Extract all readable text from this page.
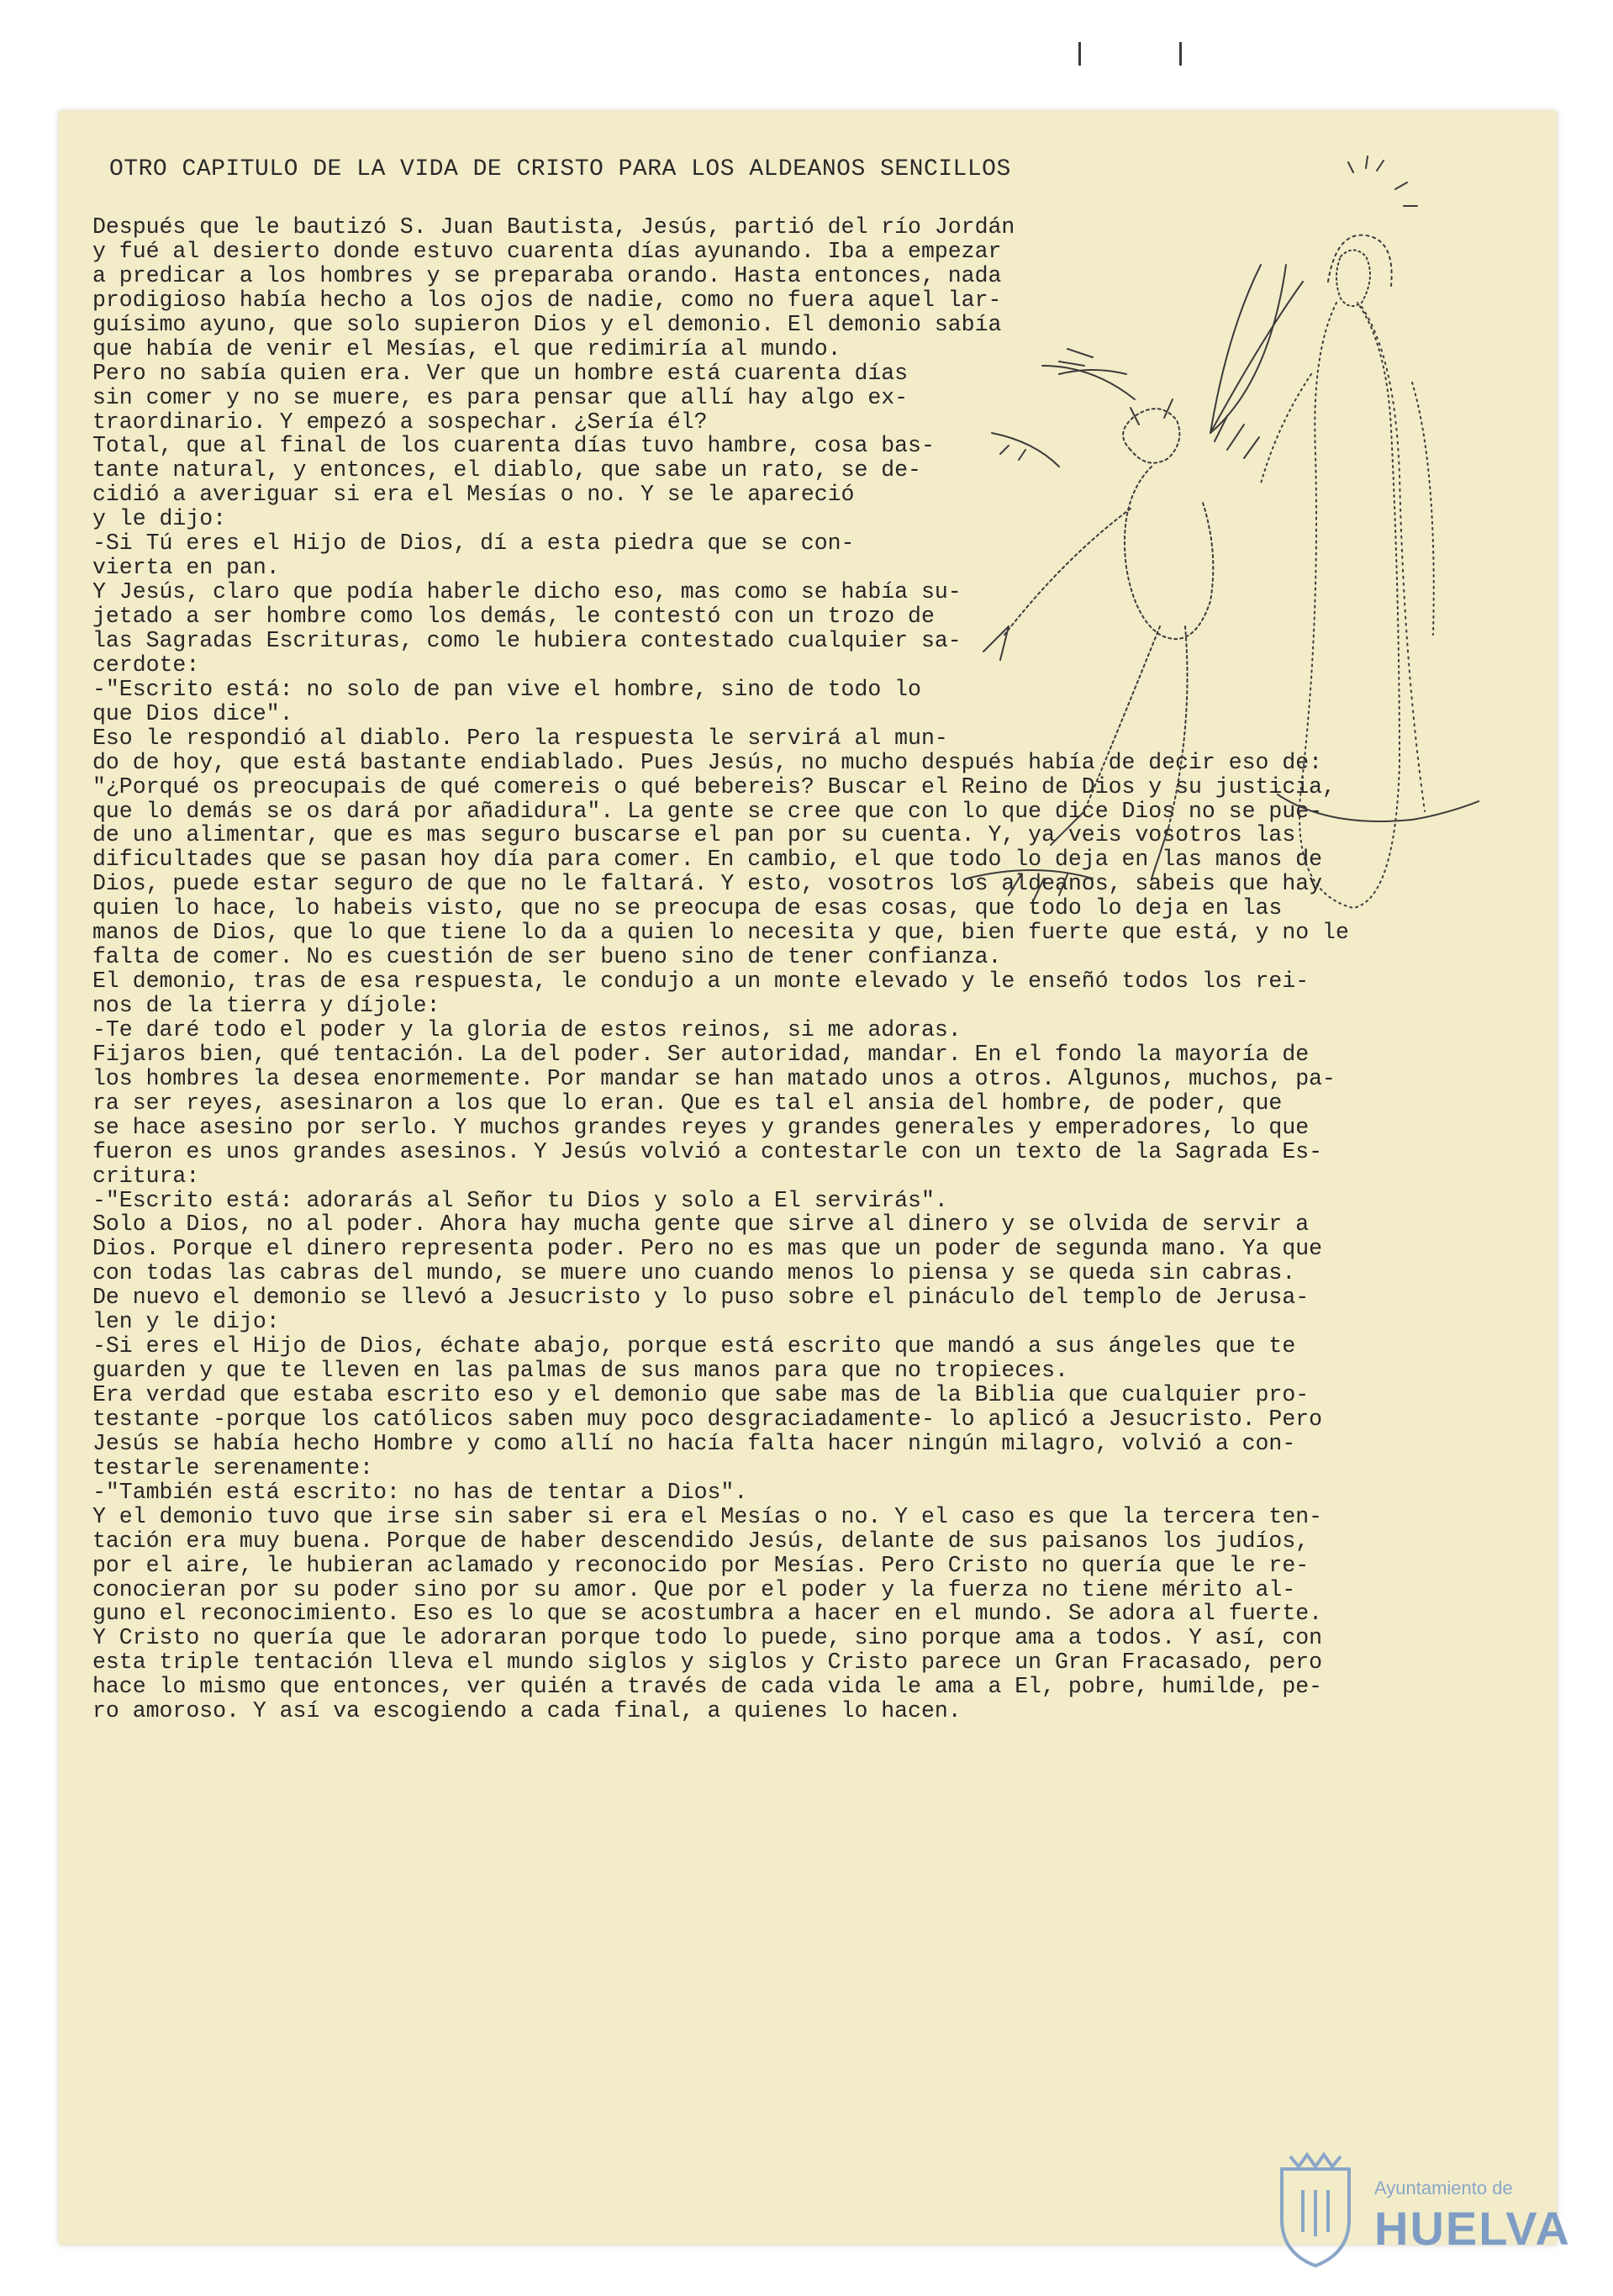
OTRO CAPITULO DE LA VIDA DE CRISTO PARA LOS ALDEANOS SENCILLOS
Después que le bautizó S. Juan Bautista, Jesús, partió del río Jordán
y fué al desierto donde estuvo cuarenta días ayunando. Iba a empezar
a predicar a los hombres y se preparaba orando. Hasta entonces, nada
prodigioso había hecho a los ojos de nadie, como no fuera aquel lar-
guísimo ayuno, que solo supieron Dios y el demonio. El demonio sabía
que había de venir el Mesías, el que redimiría al mundo.
Pero no sabía quien era. Ver que un hombre está cuarenta días
sin comer y no se muere, es para pensar que allí hay algo ex-
traordinario. Y empezó a sospechar. ¿Sería él?
Total, que al final de los cuarenta días tuvo hambre, cosa bas-
tante natural, y entonces, el diablo, que sabe un rato, se de-
cidió a averiguar si era el Mesías o no. Y se le apareció
y le dijo:
-Si Tú eres el Hijo de Dios, dí a esta piedra que se con-
vierta en pan.
Y Jesús, claro que podía haberle dicho eso, mas como se había su-
jetado a ser hombre como los demás, le contestó con un trozo de
las Sagradas Escrituras, como le hubiera contestado cualquier sa-
cerdote:
-"Escrito está: no solo de pan vive el hombre, sino de todo lo
que Dios dice".
Eso le respondió al diablo. Pero la respuesta le servirá al mun-
do de hoy, que está bastante endiablado. Pues Jesús, no mucho después había de decir eso de:
"¿Porqué os preocupais de qué comereis o qué bebereis? Buscar el Reino de Dios y su justicia,
que lo demás se os dará por añadidura". La gente se cree que con lo que dice Dios no se pue-
de uno alimentar, que es mas seguro buscarse el pan por su cuenta. Y, ya veis vosotros las
dificultades que se pasan hoy día para comer. En cambio, el que todo lo deja en las manos de
Dios, puede estar seguro de que no le faltará. Y esto, vosotros los aldeanos, sabeis que hay
quien lo hace, lo habeis visto, que no se preocupa de esas cosas, que todo lo deja en las
manos de Dios, que lo que tiene lo da a quien lo necesita y que, bien fuerte que está, y no le
falta de comer. No es cuestión de ser bueno sino de tener confianza.
El demonio, tras de esa respuesta, le condujo a un monte elevado y le enseñó todos los rei-
nos de la tierra y díjole:
-Te daré todo el poder y la gloria de estos reinos, si me adoras.
Fijaros bien, qué tentación. La del poder. Ser autoridad, mandar. En el fondo la mayoría de
los hombres la desea enormemente. Por mandar se han matado unos a otros. Algunos, muchos, pa-
ra ser reyes, asesinaron a los que lo eran. Que es tal el ansia del hombre, de poder, que
se hace asesino por serlo. Y muchos grandes reyes y grandes generales y emperadores, lo que
fueron es unos grandes asesinos. Y Jesús volvió a contestarle con un texto de la Sagrada Es-
critura:
-"Escrito está: adorarás al Señor tu Dios y solo a El servirás".
Solo a Dios, no al poder. Ahora hay mucha gente que sirve al dinero y se olvida de servir a
Dios. Porque el dinero representa poder. Pero no es mas que un poder de segunda mano. Ya que
con todas las cabras del mundo, se muere uno cuando menos lo piensa y se queda sin cabras.
De nuevo el demonio se llevó a Jesucristo y lo puso sobre el pináculo del templo de Jerusa-
len y le dijo:
-Si eres el Hijo de Dios, échate abajo, porque está escrito que mandó a sus ángeles que te
guarden y que te lleven en las palmas de sus manos para que no tropieces.
Era verdad que estaba escrito eso y el demonio que sabe mas de la Biblia que cualquier pro-
testante -porque los católicos saben muy poco desgraciadamente- lo aplicó a Jesucristo. Pero
Jesús se había hecho Hombre y como allí no hacía falta hacer ningún milagro, volvió a con-
testarle serenamente:
-"También está escrito: no has de tentar a Dios".
Y el demonio tuvo que irse sin saber si era el Mesías o no. Y el caso es que la tercera ten-
tación era muy buena. Porque de haber descendido Jesús, delante de sus paisanos los judíos,
por el aire, le hubieran aclamado y reconocido por Mesías. Pero Cristo no quería que le re-
conocieran por su poder sino por su amor. Que por el poder y la fuerza no tiene mérito al-
guno el reconocimiento. Eso es lo que se acostumbra a hacer en el mundo. Se adora al fuerte.
Y Cristo no quería que le adoraran porque todo lo puede, sino porque ama a todos. Y así, con
esta triple tentación lleva el mundo siglos y siglos y Cristo parece un Gran Fracasado, pero
hace lo mismo que entonces, ver quién a través de cada vida le ama a El, pobre, humilde, pe-
ro amoroso. Y así va escogiendo a cada final, a quienes lo hacen.
Ayuntamiento de
HUELVA
